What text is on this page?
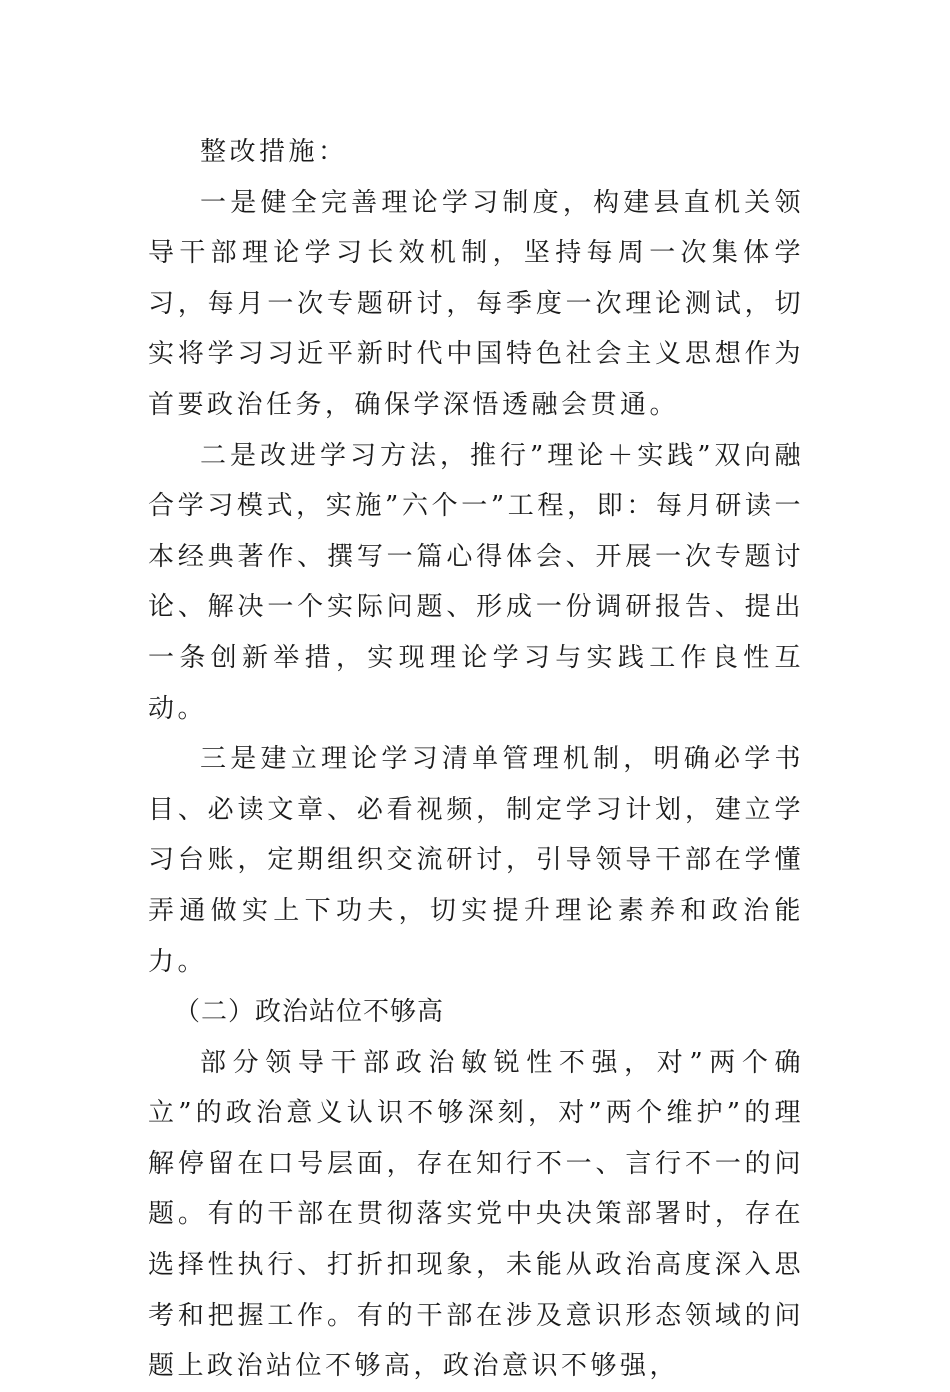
整改措施：

一是健全完善理论学习制度，构建县直机关领导干部理论学习长效机制，坚持每周一次集体学习，每月一次专题研讨，每季度一次理论测试，切实将学习习近平新时代中国特色社会主义思想作为首要政治任务，确保学深悟透融会贯通。

二是改进学习方法，推行”理论＋实践”双向融合学习模式，实施”六个一”工程，即：每月研读一本经典著作、撰写一篇心得体会、开展一次专题讨论、解决一个实际问题、形成一份调研报告、提出一条创新举措，实现理论学习与实践工作良性互动。

三是建立理论学习清单管理机制，明确必学书目、必读文章、必看视频，制定学习计划，建立学习台账，定期组织交流研讨，引导领导干部在学懂弄通做实上下功夫，切实提升理论素养和政治能力。

（二）政治站位不够高

部分领导干部政治敏锐性不强，对”两个确立”的政治意义认识不够深刻，对”两个维护”的理解停留在口号层面，存在知行不一、言行不一的问题。有的干部在贯彻落实党中央决策部署时，存在选择性执行、打折扣现象，未能从政治高度深入思考和把握工作。有的干部在涉及意识形态领域的问题上政治站位不够高，政治意识不够强，
